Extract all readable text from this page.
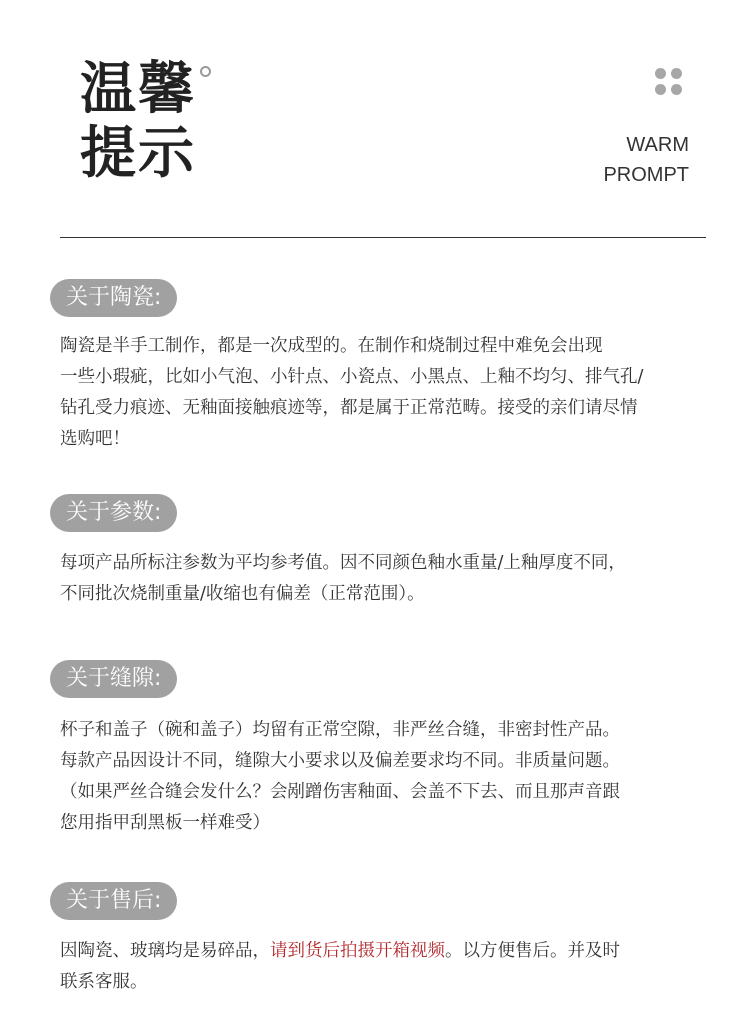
温馨
提示	WARM
PROMPT
关于陶瓷:
陶瓷是半手工制作，都是一次成型的。在制作和烧制过程中难免会出现
一些小瑕疵，比如小气泡、小针点、小瓷点、小黑点、上釉不均匀、排气孔/
钻孔受力痕迹、无釉面接触痕迹等，都是属于正常范畴。接受的亲们请尽情
选购吧！
关于参数:
每项产品所标注参数为平均参考值。因不同颜色釉水重量/上釉厚度不同，
不同批次烧制重量/收缩也有偏差（正常范围）。
关于缝隙:
杯子和盖子（碗和盖子）均留有正常空隙，非严丝合缝，非密封性产品。
每款产品因设计不同，缝隙大小要求以及偏差要求均不同。非质量问题。
（如果严丝合缝会发什么？会剐蹭伤害釉面、会盖不下去、而且那声音跟
您用指甲刮黑板一样难受）
关于售后:
因陶瓷、玻璃均是易碎品，请到货后拍摄开箱视频。以方便售后。并及时
联系客服。
